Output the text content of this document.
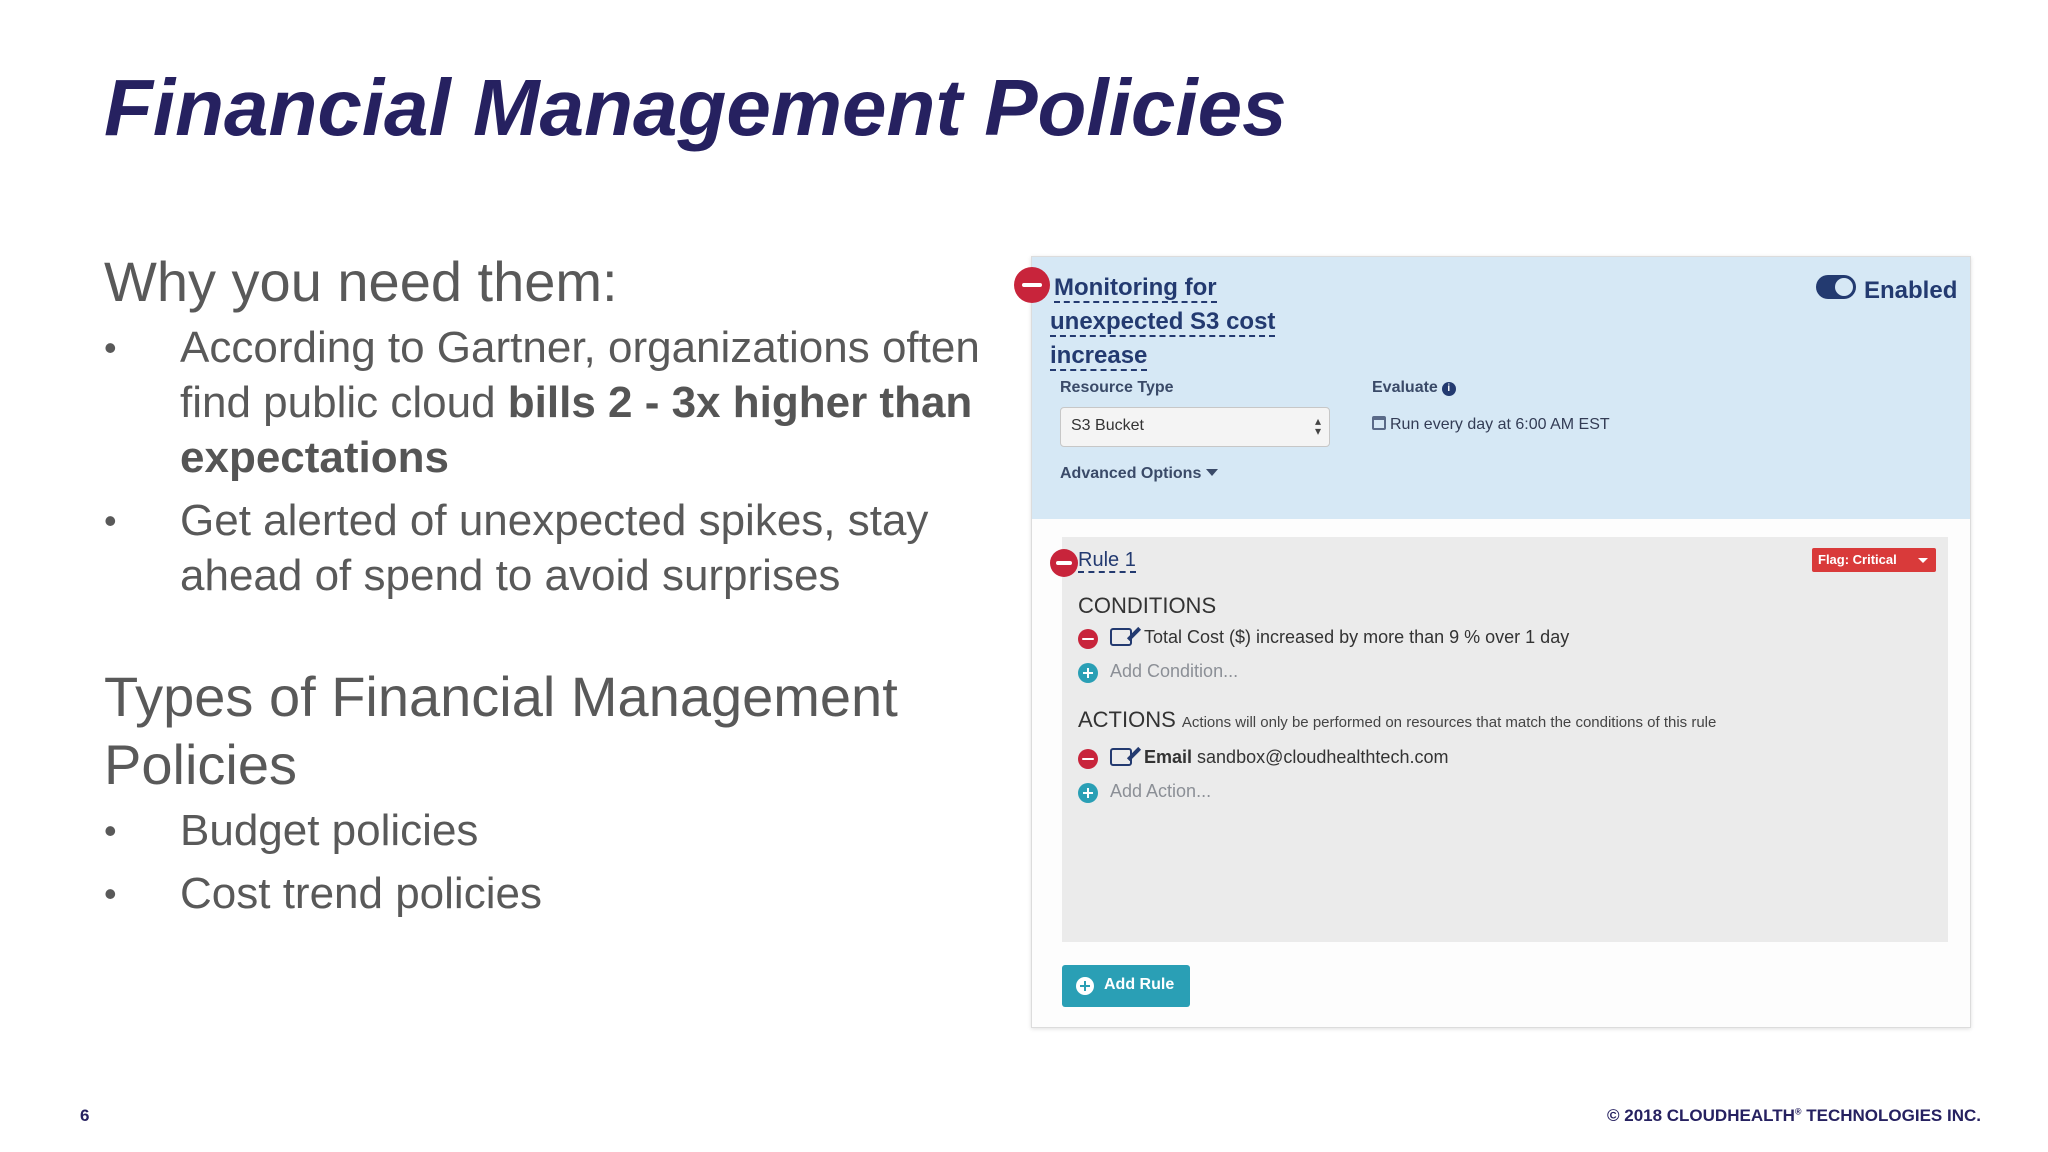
Financial Management Policies
Why you need them:
• According to Gartner, organizations often find public cloud bills 2 - 3x higher than expectations
• Get alerted of unexpected spikes, stay ahead of spend to avoid surprises
Types of Financial Management Policies
• Budget policies
• Cost trend policies
Monitoring for
unexpected S3 cost
increase
Enabled
Resource Type
S3 Bucket	▴
▾
Evaluate i
Run every day at 6:00 AM EST
Advanced Options
Rule 1	Flag: Critical
CONDITIONS
Total Cost ($) increased by more than 9 % over 1 day
Add Condition...
ACTIONS Actions will only be performed on resources that match the conditions of this rule
Email sandbox@cloudhealthtech.com
Add Action...
Add Rule
6	© 2018 CLOUDHEALTH® TECHNOLOGIES INC.
